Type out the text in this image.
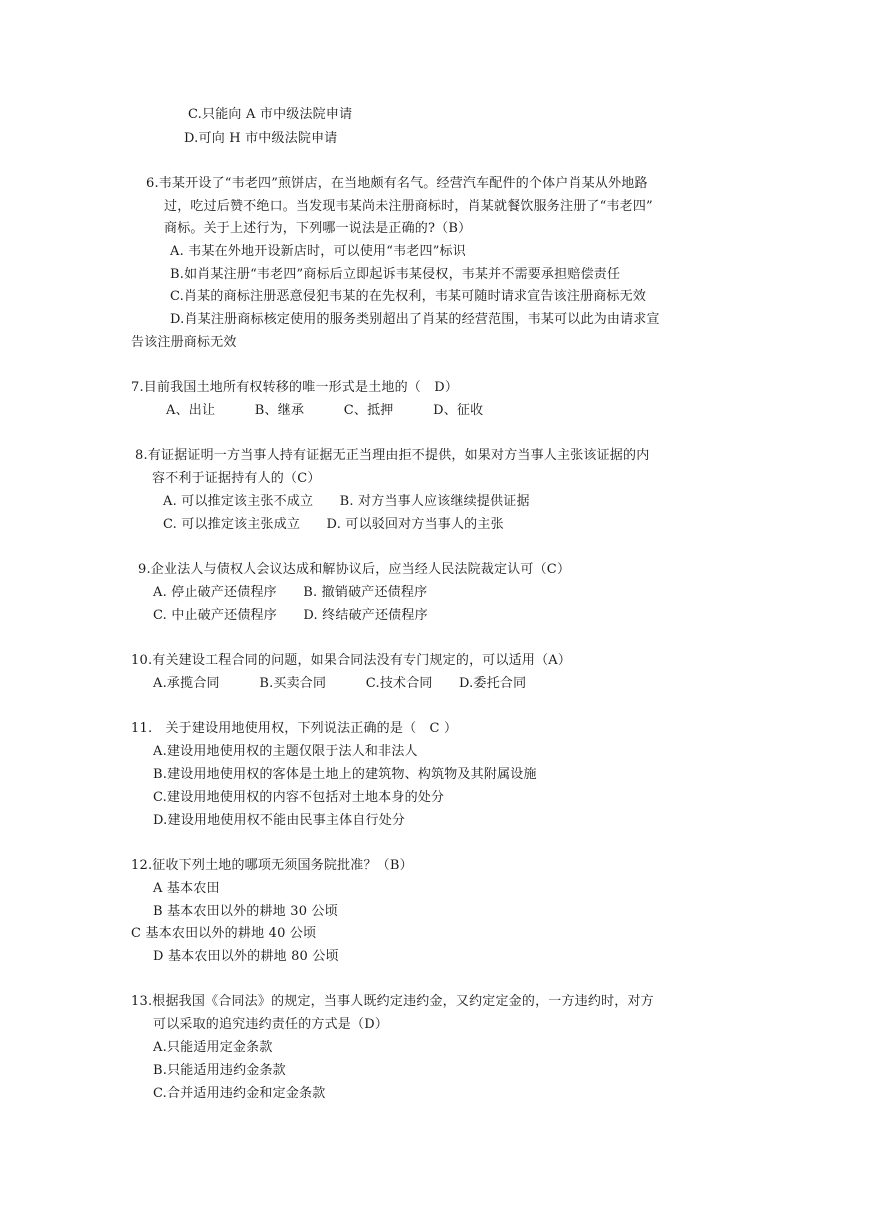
C.只能向 A 市中级法院申请
D.可向 H 市中级法院申请
6.韦某开设了“韦老四”煎饼店，在当地颇有名气。经营汽车配件的个体户肖某从外地路
过，吃过后赞不绝口。当发现韦某尚未注册商标时，肖某就餐饮服务注册了“韦老四”
商标。关于上述行为，下列哪一说法是正确的?（B）
A. 韦某在外地开设新店时，可以使用“韦老四”标识
B.如肖某注册“韦老四”商标后立即起诉韦某侵权，韦某并不需要承担赔偿责任
C.肖某的商标注册恶意侵犯韦某的在先权利，韦某可随时请求宣告该注册商标无效
D.肖某注册商标核定使用的服务类别超出了肖某的经营范围，韦某可以此为由请求宣
告该注册商标无效
7.目前我国土地所有权转移的唯一形式是土地的（　D）
A、出让　　　B、继承　　　C、抵押　　　D、征收
8.有证据证明一方当事人持有证据无正当理由拒不提供，如果对方当事人主张该证据的内
容不利于证据持有人的（C）
A. 可以推定该主张不成立　　B. 对方当事人应该继续提供证据
C. 可以推定该主张成立　　D. 可以驳回对方当事人的主张
9.企业法人与债权人会议达成和解协议后，应当经人民法院裁定认可（C）
A. 停止破产还债程序　　B. 撤销破产还债程序
C. 中止破产还债程序　　D. 终结破产还债程序
10.有关建设工程合同的问题，如果合同法没有专门规定的，可以适用（A）
A.承揽合同　　　B.买卖合同　　　C.技术合同　　D.委托合同
11.　关于建设用地使用权，下列说法正确的是（　C ）
A.建设用地使用权的主题仅限于法人和非法人
B.建设用地使用权的客体是土地上的建筑物、构筑物及其附属设施
C.建设用地使用权的内容不包括对土地本身的处分
D.建设用地使用权不能由民事主体自行处分
12.征收下列土地的哪项无须国务院批准？（B）
A 基本农田
B 基本农田以外的耕地 30 公顷
C 基本农田以外的耕地 40 公顷
D 基本农田以外的耕地 80 公顷
13.根据我国《合同法》的规定，当事人既约定违约金，又约定定金的，一方违约时，对方
可以采取的追究违约责任的方式是（D）
A.只能适用定金条款
B.只能适用违约金条款
C.合并适用违约金和定金条款
